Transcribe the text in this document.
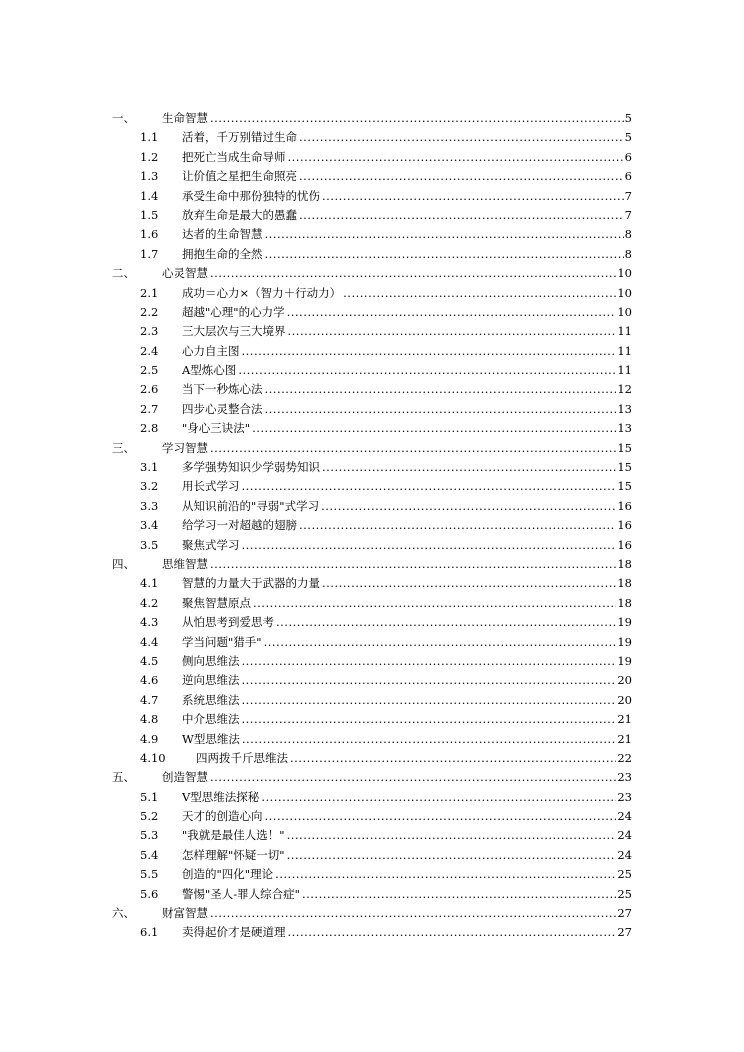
一、 生命智慧 .....	5
1.1 活着，千万别错过生命 .....	5
1.2 把死亡当成生命导师 .....	6
1.3 让价值之星把生命照亮 .....	6
1.4 承受生命中那份独特的忧伤 .....	7
1.5 放弃生命是最大的愚蠢 .....	7
1.6 达者的生命智慧 .....	8
1.7 拥抱生命的全然 .....	8
二、 心灵智慧 .....	10
2.1 成功＝心力×（智力＋行动力） .....	10
2.2 超越"心理"的心力学 .....	10
2.3 三大层次与三大境界 .....	11
2.4 心力自主图 .....	11
2.5 A型炼心图 .....	11
2.6 当下一秒炼心法 .....	12
2.7 四步心灵整合法 .....	13
2.8 "身心三诀法" .....	13
三、 学习智慧 .....	15
3.1 多学强势知识少学弱势知识 .....	15
3.2 用长式学习 .....	15
3.3 从知识前沿的"寻弱"式学习 .....	16
3.4 给学习一对超越的翅膀 .....	16
3.5 聚焦式学习 .....	16
四、 思维智慧 .....	18
4.1 智慧的力量大于武器的力量 .....	18
4.2 聚焦智慧原点 .....	18
4.3 从怕思考到爱思考 .....	19
4.4 学当问题"猎手" .....	19
4.5 侧向思维法 .....	19
4.6 逆向思维法 .....	20
4.7 系统思维法 .....	20
4.8 中介思维法 .....	21
4.9 W型思维法 .....	21
4.10	四两拨千斤思维法 .....	22
五、 创造智慧 .....	23
5.1 V型思维法探秘 .....	23
5.2 天才的创造心向 .....	24
5.3 "我就是最佳人选！" .....	24
5.4 怎样理解"怀疑一切" .....	24
5.5 创造的"四化"理论 .....	25
5.6 警惕"圣人-罪人综合症" .....	25
六、 财富智慧 .....	27
6.1 卖得起价才是硬道理 .....	27
